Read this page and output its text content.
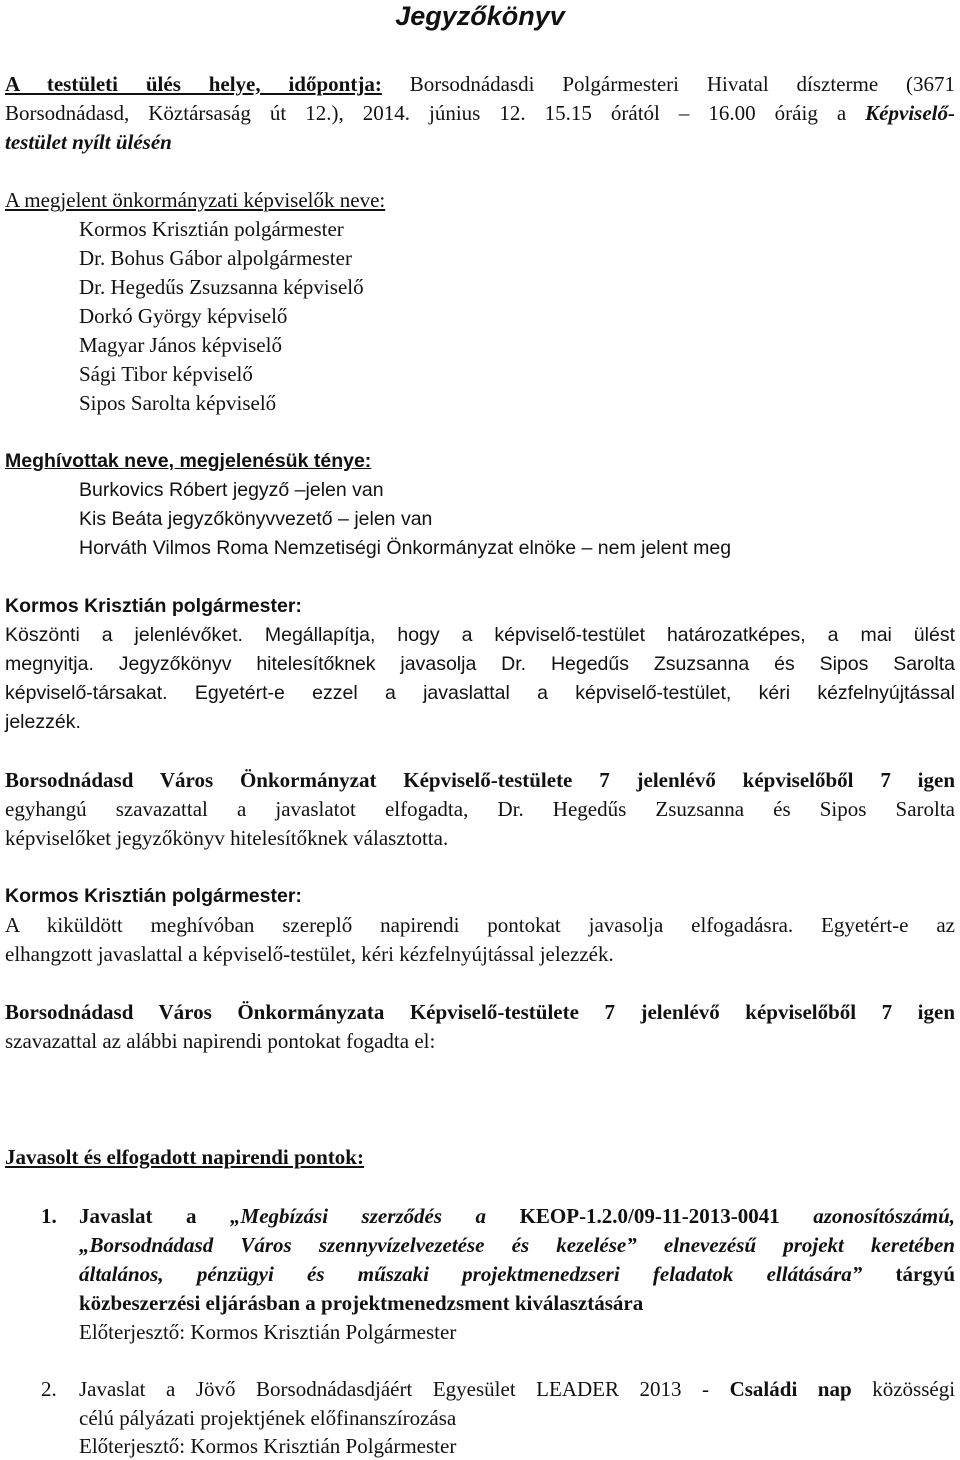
Jegyzőkönyv
A testületi ülés helye, időpontja: Borsodnádasdi Polgármesteri Hivatal díszterme (3671
Borsodnádasd, Köztársaság út 12.), 2014. június 12. 15.15 órától – 16.00 óráig a Képviselő-
testület nyílt ülésén
A megjelent önkormányzati képviselők neve:
Kormos Krisztián polgármester
Dr. Bohus Gábor alpolgármester
Dr. Hegedűs Zsuzsanna képviselő
Dorkó György képviselő
Magyar János képviselő
Sági Tibor képviselő
Sipos Sarolta képviselő
Meghívottak neve, megjelenésük ténye:
Burkovics Róbert jegyző –jelen van
Kis Beáta jegyzőkönyvvezető – jelen van
Horváth Vilmos Roma Nemzetiségi Önkormányzat elnöke – nem jelent meg
Kormos Krisztián polgármester:
Köszönti a jelenlévőket. Megállapítja, hogy a képviselő-testület határozatképes, a mai ülést
megnyitja. Jegyzőkönyv hitelesítőknek javasolja Dr. Hegedűs Zsuzsanna és Sipos Sarolta
képviselő-társakat. Egyetért-e ezzel a javaslattal a képviselő-testület, kéri kézfelnyújtással
jelezzék.
Borsodnádasd Város Önkormányzat Képviselő-testülete 7 jelenlévő képviselőből 7 igen
egyhangú szavazattal a javaslatot elfogadta, Dr. Hegedűs Zsuzsanna és Sipos Sarolta
képviselőket jegyzőkönyv hitelesítőknek választotta.
Kormos Krisztián polgármester:
A kiküldött meghívóban szereplő napirendi pontokat javasolja elfogadásra. Egyetért-e az
elhangzott javaslattal a képviselő-testület, kéri kézfelnyújtással jelezzék.
Borsodnádasd Város Önkormányzata Képviselő-testülete 7 jelenlévő képviselőből 7 igen
szavazattal az alábbi napirendi pontokat fogadta el:
Javasolt és elfogadott napirendi pontok:
1. Javaslat a „Megbízási szerződés a KEOP-1.2.0/09-11-2013-0041 azonosítószámú,
„Borsodnádasd Város szennyvízelvezetése és kezelése” elnevezésű projekt keretében
általános, pénzügyi és műszaki projektmenedzseri feladatok ellátására” tárgyú
közbeszerzési eljárásban a projektmenedzsment kiválasztására
Előterjesztő: Kormos Krisztián Polgármester
2. Javaslat a Jövő Borsodnádasdjáért Egyesület LEADER 2013 - Családi nap közösségi
célú pályázati projektjének előfinanszírozása
Előterjesztő: Kormos Krisztián Polgármester
